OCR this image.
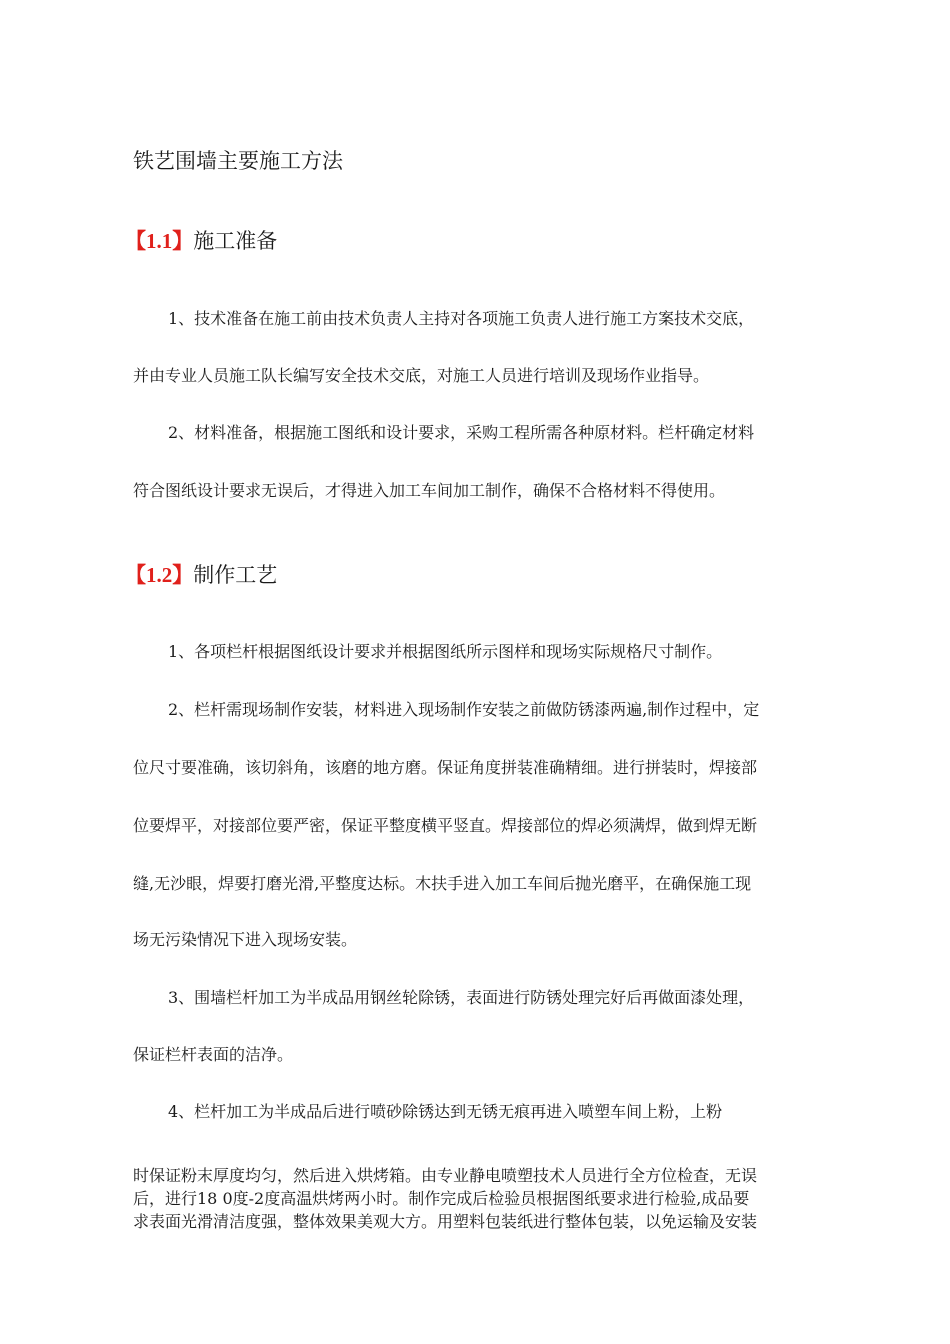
铁艺围墙主要施工方法
【1.1】施工准备
1、技术准备在施工前由技术负责人主持对各项施工负责人进行施工方案技术交底，
并由专业人员施工队长编写安全技术交底，对施工人员进行培训及现场作业指导。
2、材料准备，根据施工图纸和设计要求，采购工程所需各种原材料。栏杆确定材料
符合图纸设计要求无误后，才得进入加工车间加工制作，确保不合格材料不得使用。
【1.2】制作工艺
1、各项栏杆根据图纸设计要求并根据图纸所示图样和现场实际规格尺寸制作。
2、栏杆需现场制作安装，材料进入现场制作安装之前做防锈漆两遍,制作过程中，定
位尺寸要准确，该切斜角，该磨的地方磨。保证角度拼装准确精细。进行拼装时，焊接部
位要焊平，对接部位要严密，保证平整度横平竖直。焊接部位的焊必须满焊，做到焊无断
缝,无沙眼，焊要打磨光滑,平整度达标。木扶手进入加工车间后抛光磨平，在确保施工现
场无污染情况下进入现场安装。
3、围墙栏杆加工为半成品用钢丝轮除锈，表面进行防锈处理完好后再做面漆处理，
保证栏杆表面的洁净。
4、栏杆加工为半成品后进行喷砂除锈达到无锈无痕再进入喷塑车间上粉，上粉
时保证粉末厚度均匀，然后进入烘烤箱。由专业静电喷塑技术人员进行全方位检查，无误
后，进行18 0度-2度高温烘烤两小时。制作完成后检验员根据图纸要求进行检验,成品要
求表面光滑清洁度强，整体效果美观大方。用塑料包装纸进行整体包装，以免运输及安装
